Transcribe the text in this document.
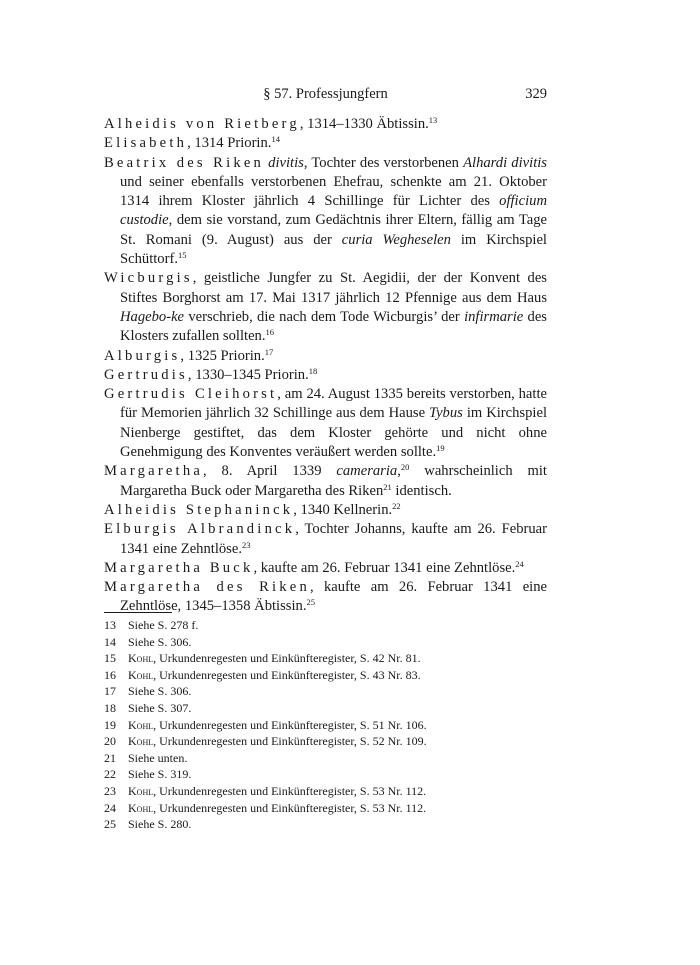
§ 57. Professjungfern	329

Alheidis von Rietberg, 1314–1330 Äbtissin.$^{13}$

Elisabeth, 1314 Priorin.$^{14}$

Beatrix des Riken divitis, Tochter des verstorbenen Alhardi divitis und seiner ebenfalls verstorbenen Ehefrau, schenkte am 21. Oktober 1314 ihrem Kloster jährlich 4 Schillinge für Lichter des officium custodie, dem sie vorstand, zum Gedächtnis ihrer Eltern, fällig am Tage St. Romani (9. August) aus der curia Wegheselen im Kirchspiel Schüttorf.$^{15}$

Wicburgis, geistliche Jungfer zu St. Aegidii, der der Konvent des Stiftes Borghorst am 17. Mai 1317 jährlich 12 Pfennige aus dem Haus Hagebo-ke verschrieb, die nach dem Tode Wicburgis’ der infirmarie des Klosters zufallen sollten.$^{16}$

Alburgis, 1325 Priorin.$^{17}$

Gertrudis, 1330–1345 Priorin.$^{18}$

Gertrudis Cleihorst, am 24. August 1335 bereits verstorben, hatte für Memorien jährlich 32 Schillinge aus dem Hause Tybus im Kirchspiel Nienberge gestiftet, das dem Kloster gehörte und nicht ohne Genehmigung des Konventes veräußert werden sollte.$^{19}$

Margaretha, 8. April 1339 cameraria,$^{20}$ wahrscheinlich mit Margaretha Buck oder Margaretha des Riken$^{21}$ identisch.

Alheidis Stephaninck, 1340 Kellnerin.$^{22}$

Elburgis Albrandinck, Tochter Johanns, kaufte am 26. Februar 1341 eine Zehntlöse.$^{23}$

Margaretha Buck, kaufte am 26. Februar 1341 eine Zehntlöse.$^{24}$

Margaretha des Riken, kaufte am 26. Februar 1341 eine Zehntlöse, 1345–1358 Äbtissin.$^{25}$

13	Siehe S. 278 f.
14	Siehe S. 306.
15	Kohl, Urkundenregesten und Einkünfteregister, S. 42 Nr. 81.
16	Kohl, Urkundenregesten und Einkünfteregister, S. 43 Nr. 83.
17	Siehe S. 306.
18	Siehe S. 307.
19	Kohl, Urkundenregesten und Einkünfteregister, S. 51 Nr. 106.
20	Kohl, Urkundenregesten und Einkünfteregister, S. 52 Nr. 109.
21	Siehe unten.
22	Siehe S. 319.
23	Kohl, Urkundenregesten und Einkünfteregister, S. 53 Nr. 112.
24	Kohl, Urkundenregesten und Einkünfteregister, S. 53 Nr. 112.
25	Siehe S. 280.
